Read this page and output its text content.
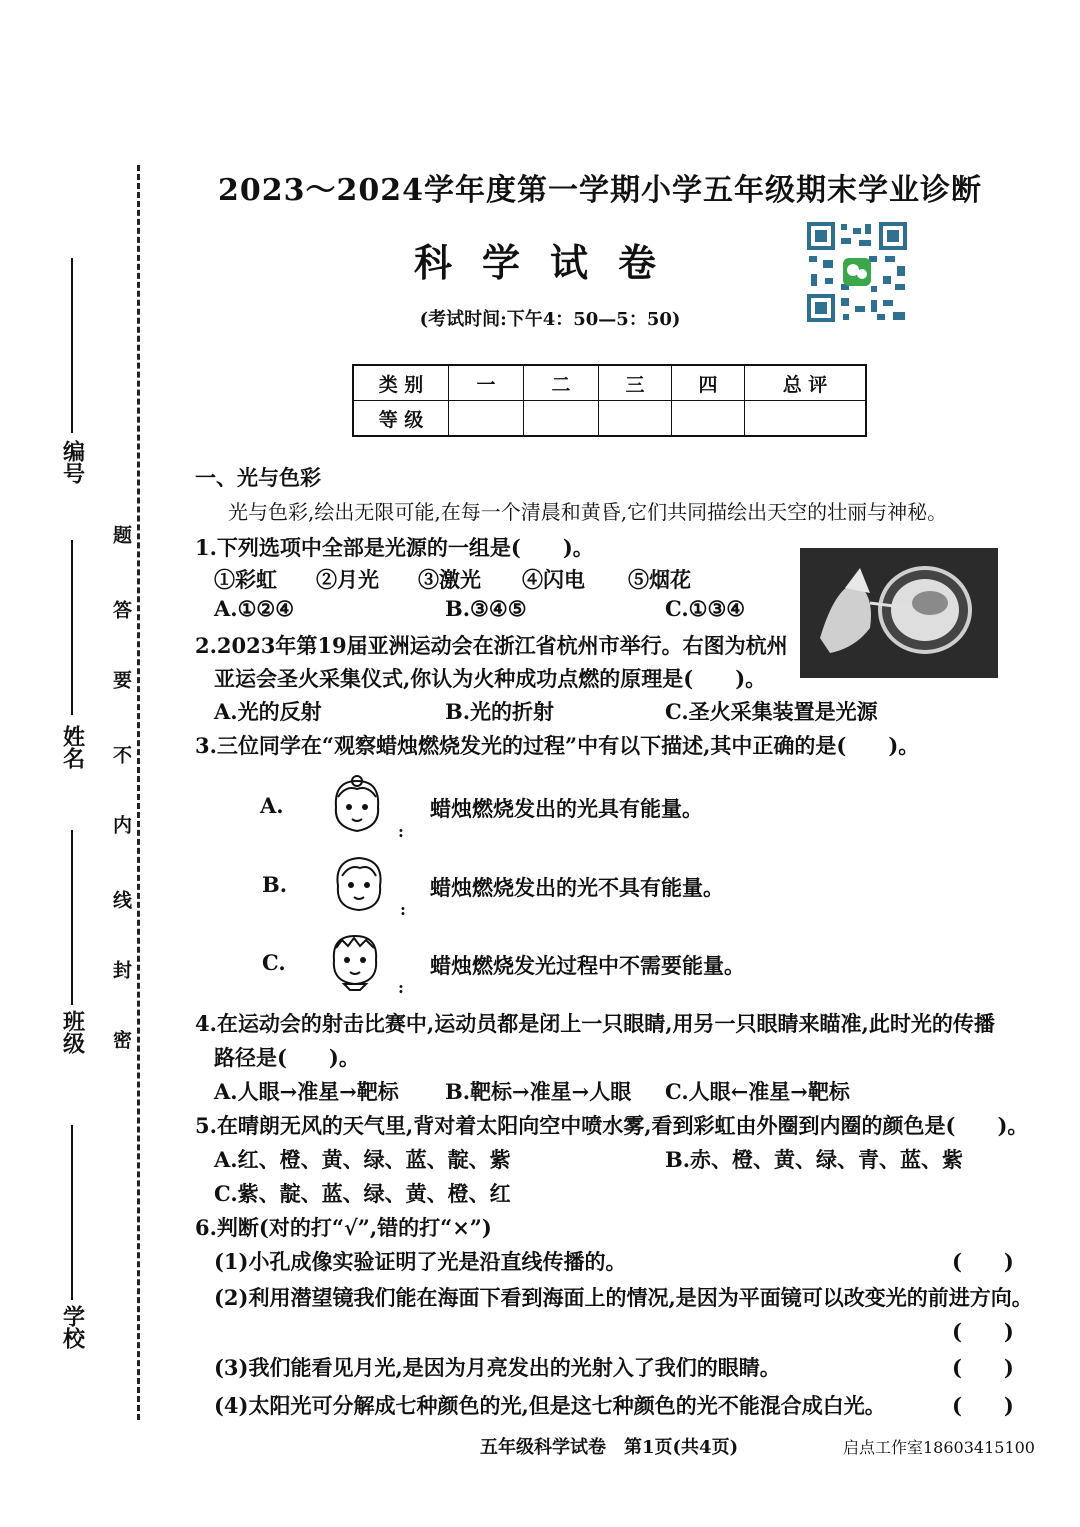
编号
姓名
班级
学校
题
答
要
不
内
线
封
密
2023～2024学年度第一学期小学五年级期末学业诊断
科学试卷
(考试时间:下午4：50—5：50)
类 别	一	二	三	四	总 评
等 级					
一、光与色彩
光与色彩,绘出无限可能,在每一个清晨和黄昏,它们共同描绘出天空的壮丽与神秘。
1.下列选项中全部是光源的一组是(　　)。
①彩虹 ②月光 ③激光 ④闪电 ⑤烟花
A.①②④	B.③④⑤	C.①③④
2.2023年第19届亚洲运动会在浙江省杭州市举行。右图为杭州
亚运会圣火采集仪式,你认为火种成功点燃的原理是(　　)。
A.光的反射	B.光的折射	C.圣火采集装置是光源
3.三位同学在“观察蜡烛燃烧发光的过程”中有以下描述,其中正确的是(　　)。
A.
:
蜡烛燃烧发出的光具有能量。
B.
:
蜡烛燃烧发出的光不具有能量。
C.
:
蜡烛燃烧发光过程中不需要能量。
4.在运动会的射击比赛中,运动员都是闭上一只眼睛,用另一只眼睛来瞄准,此时光的传播
路径是(　　)。
A.人眼→准星→靶标 B.靶标→准星→人眼 C.人眼←准星→靶标
5.在晴朗无风的天气里,背对着太阳向空中喷水雾,看到彩虹由外圈到内圈的颜色是(　　)。
A.红、橙、黄、绿、蓝、靛、紫	B.赤、橙、黄、绿、青、蓝、紫
C.紫、靛、蓝、绿、黄、橙、红
6.判断(对的打“√”,错的打“×”)
(1)小孔成像实验证明了光是沿直线传播的。	(　　)
(2)利用潜望镜我们能在海面下看到海面上的情况,是因为平面镜可以改变光的前进方向。
(　　)
(3)我们能看见月光,是因为月亮发出的光射入了我们的眼睛。	(　　)
(4)太阳光可分解成七种颜色的光,但是这七种颜色的光不能混合成白光。	(　　)
五年级科学试卷　第1页(共4页)	启点工作室18603415100
